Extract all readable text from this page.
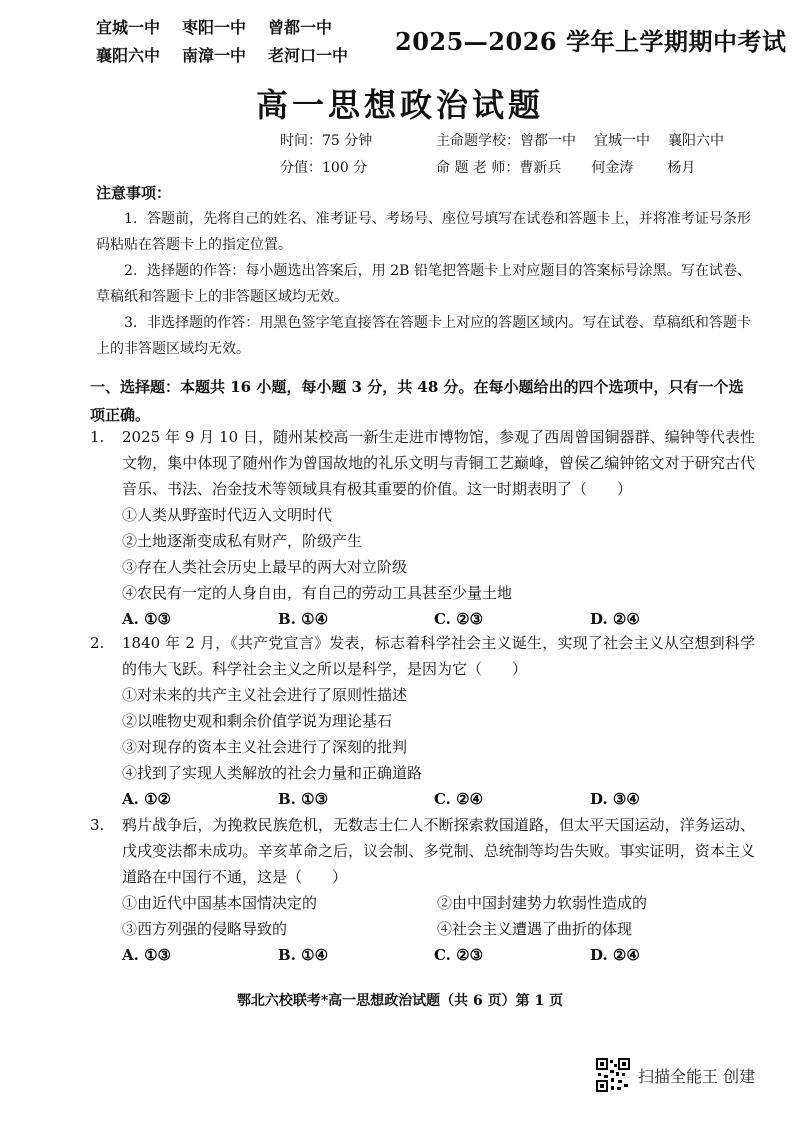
宜城一中 枣阳一中 曾都一中
襄阳六中 南漳一中 老河口一中 2025—2026 学年上学期期中考试
高一思想政治试题
时间：75 分钟
分值：100 分
主命题学校：曾都一中 宜城一中 襄阳六中
命 题 老 师：曹新兵 何金涛 杨月
注意事项：

1．答题前，先将自己的姓名、准考证号、考场号、座位号填写在试卷和答题卡上，并将准考证号条形码粘贴在答题卡上的指定位置。

2．选择题的作答：每小题选出答案后，用 2B 铅笔把答题卡上对应题目的答案标号涂黑。写在试卷、草稿纸和答题卡上的非答题区域均无效。

3．非选择题的作答：用黑色签字笔直接答在答题卡上对应的答题区域内。写在试卷、草稿纸和答题卡上的非答题区域均无效。

一、选择题：本题共 16 小题，每小题 3 分，共 48 分。在每小题给出的四个选项中，只有一个选项正确。
1.	2025 年 9 月 10 日，随州某校高一新生走进市博物馆，参观了西周曾国铜器群、编钟等代表性文物，集中体现了随州作为曾国故地的礼乐文明与青铜工艺巅峰，曾侯乙编钟铭文对于研究古代音乐、书法、冶金技术等领域具有极其重要的价值。这一时期表明了（　　）
①人类从野蛮时代迈入文明时代
②土地逐渐变成私有财产，阶级产生
③存在人类社会历史上最早的两大对立阶级
④农民有一定的人身自由，有自己的劳动工具甚至少量土地
A. ①③	B. ①④	C. ②③	D. ②④
2.	1840 年 2 月，《共产党宣言》发表，标志着科学社会主义诞生，实现了社会主义从空想到科学的伟大飞跃。科学社会主义之所以是科学，是因为它（　　）
①对未来的共产主义社会进行了原则性描述
②以唯物史观和剩余价值学说为理论基石
③对现存的资本主义社会进行了深刻的批判
④找到了实现人类解放的社会力量和正确道路
A. ①②	B. ①③	C. ②④	D. ③④
3.	鸦片战争后，为挽救民族危机，无数志士仁人不断探索救国道路，但太平天国运动，洋务运动、戊戌变法都未成功。辛亥革命之后，议会制、多党制、总统制等均告失败。事实证明，资本主义道路在中国行不通，这是（　　）
①由近代中国基本国情决定的	②由中国封建势力软弱性造成的
③西方列强的侵略导致的	④社会主义遭遇了曲折的体现
A. ①③	B. ①④	C. ②③	D. ②④
鄂北六校联考*高一思想政治试题（共 6 页）第 1 页
扫描全能王 创建
